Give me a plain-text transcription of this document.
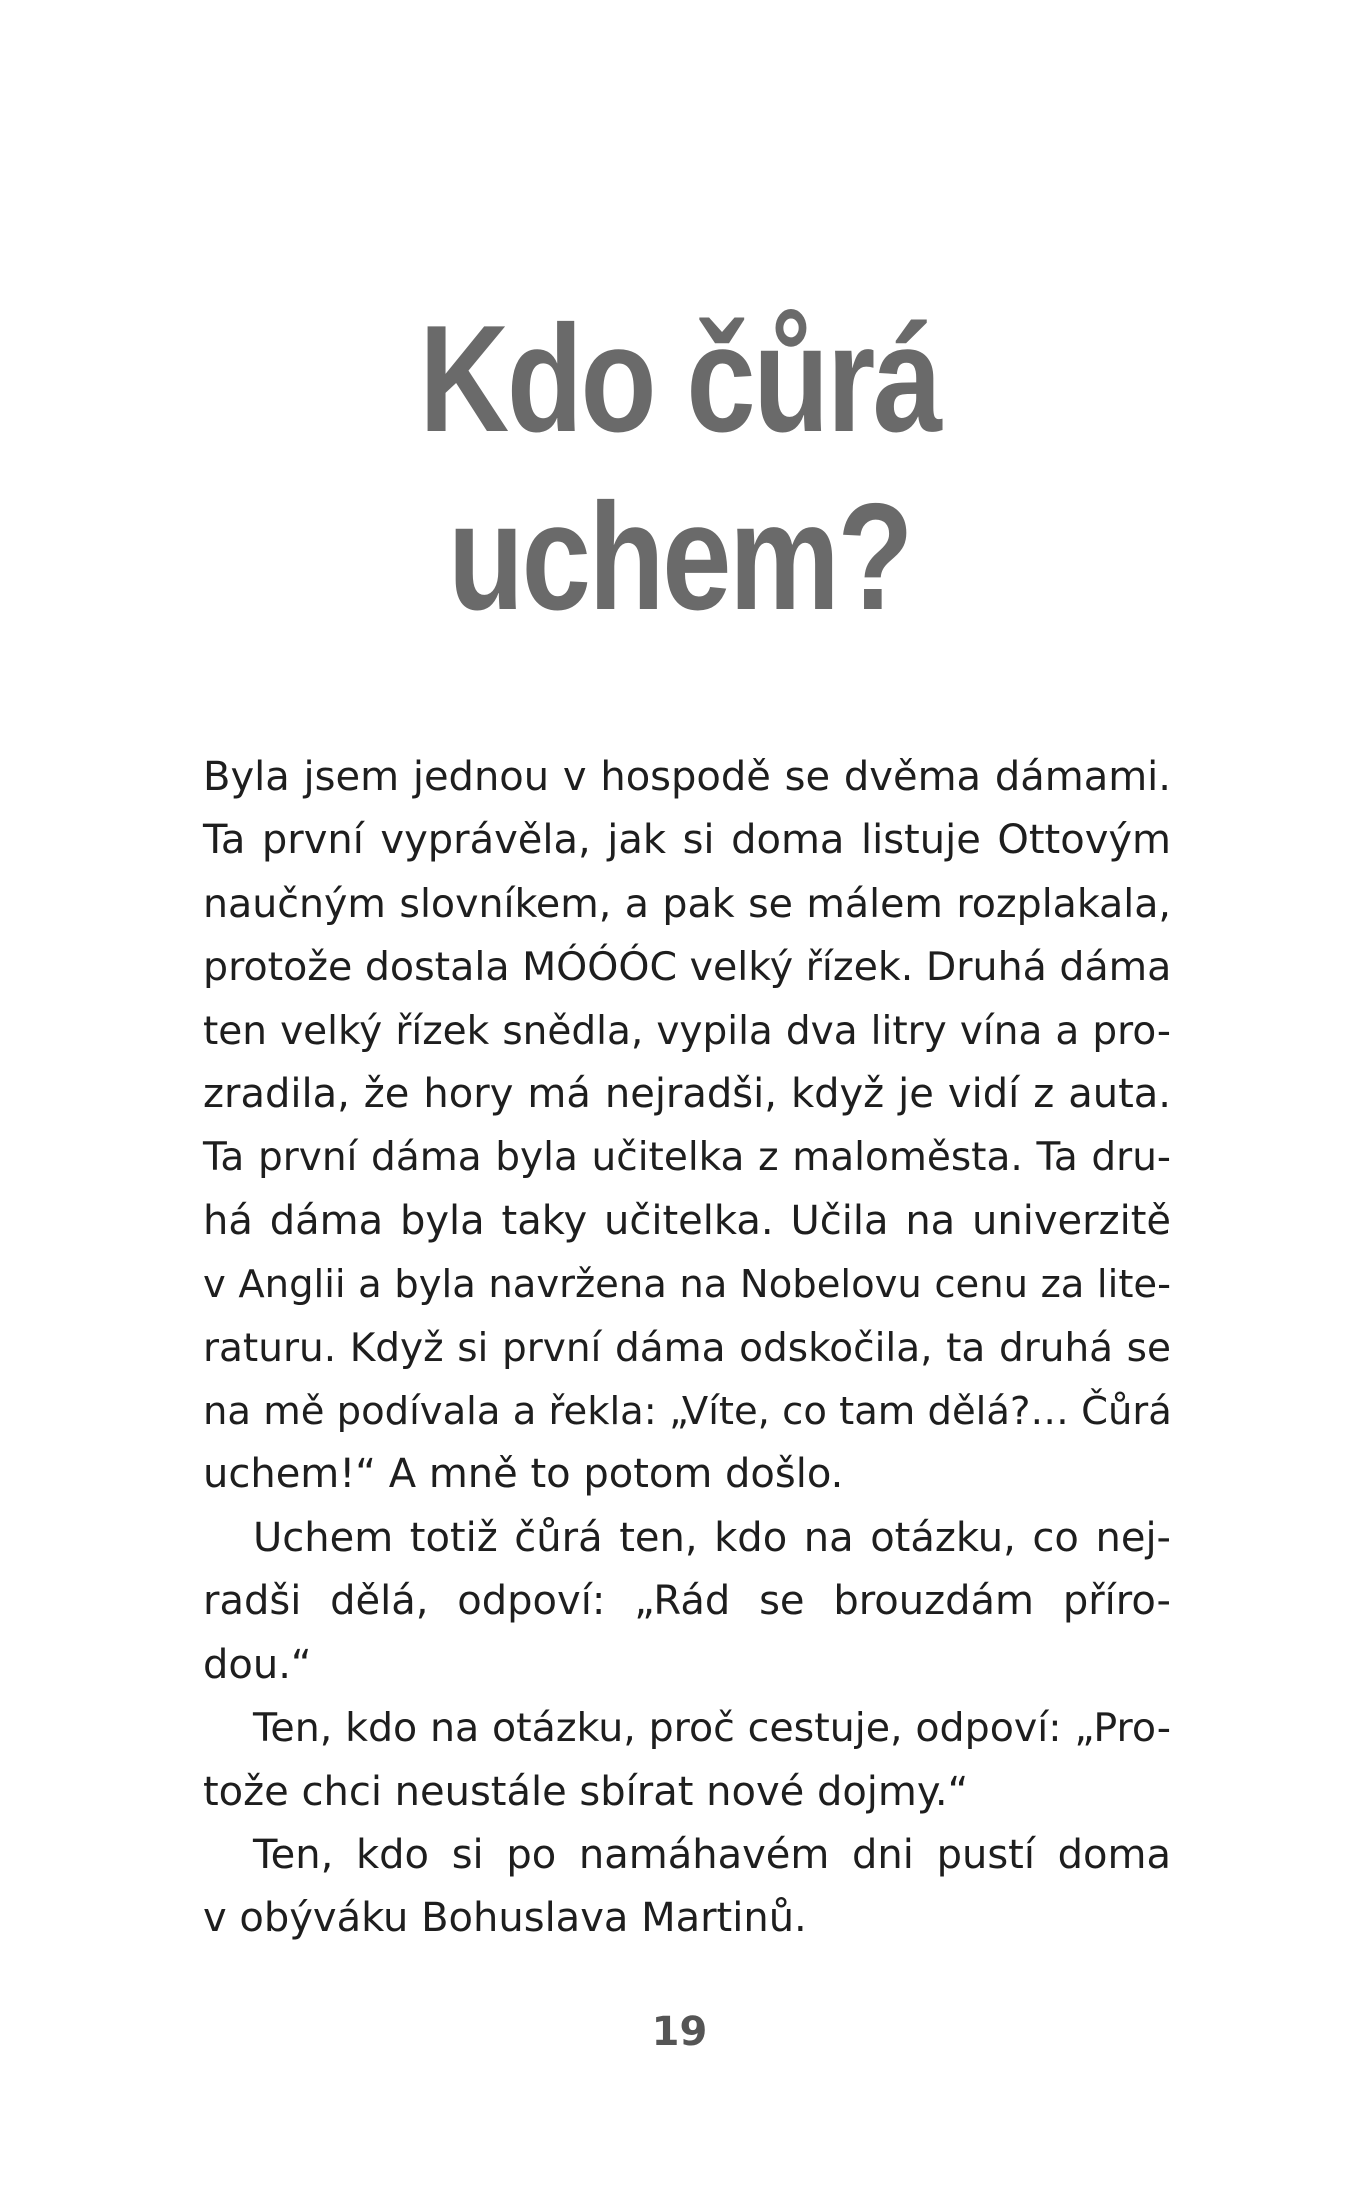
Kdo čůrá
uchem?

Byla jsem jednou v hospodě se dvěma dámami.
Ta první vyprávěla, jak si doma listuje Ottovým
naučným slovníkem, a pak se málem rozplakala,
protože dostala MÓÓÓC velký řízek. Druhá dáma
ten velký řízek snědla, vypila dva litry vína a pro-
zradila, že hory má nejradši, když je vidí z auta.
Ta první dáma byla učitelka z maloměsta. Ta dru-
há dáma byla taky učitelka. Učila na univerzitě
v Anglii a byla navržena na Nobelovu cenu za lite-
raturu. Když si první dáma odskočila, ta druhá se
na mě podívala a řekla: „Víte, co tam dělá?… Čůrá
uchem!“ A mně to potom došlo.

Uchem totiž čůrá ten, kdo na otázku, co nej-
radši dělá, odpoví: „Rád se brouzdám příro-
dou.“

Ten, kdo na otázku, proč cestuje, odpoví: „Pro-
tože chci neustále sbírat nové dojmy.“

Ten, kdo si po namáhavém dni pustí doma
v obýváku Bohuslava Martinů.

19
